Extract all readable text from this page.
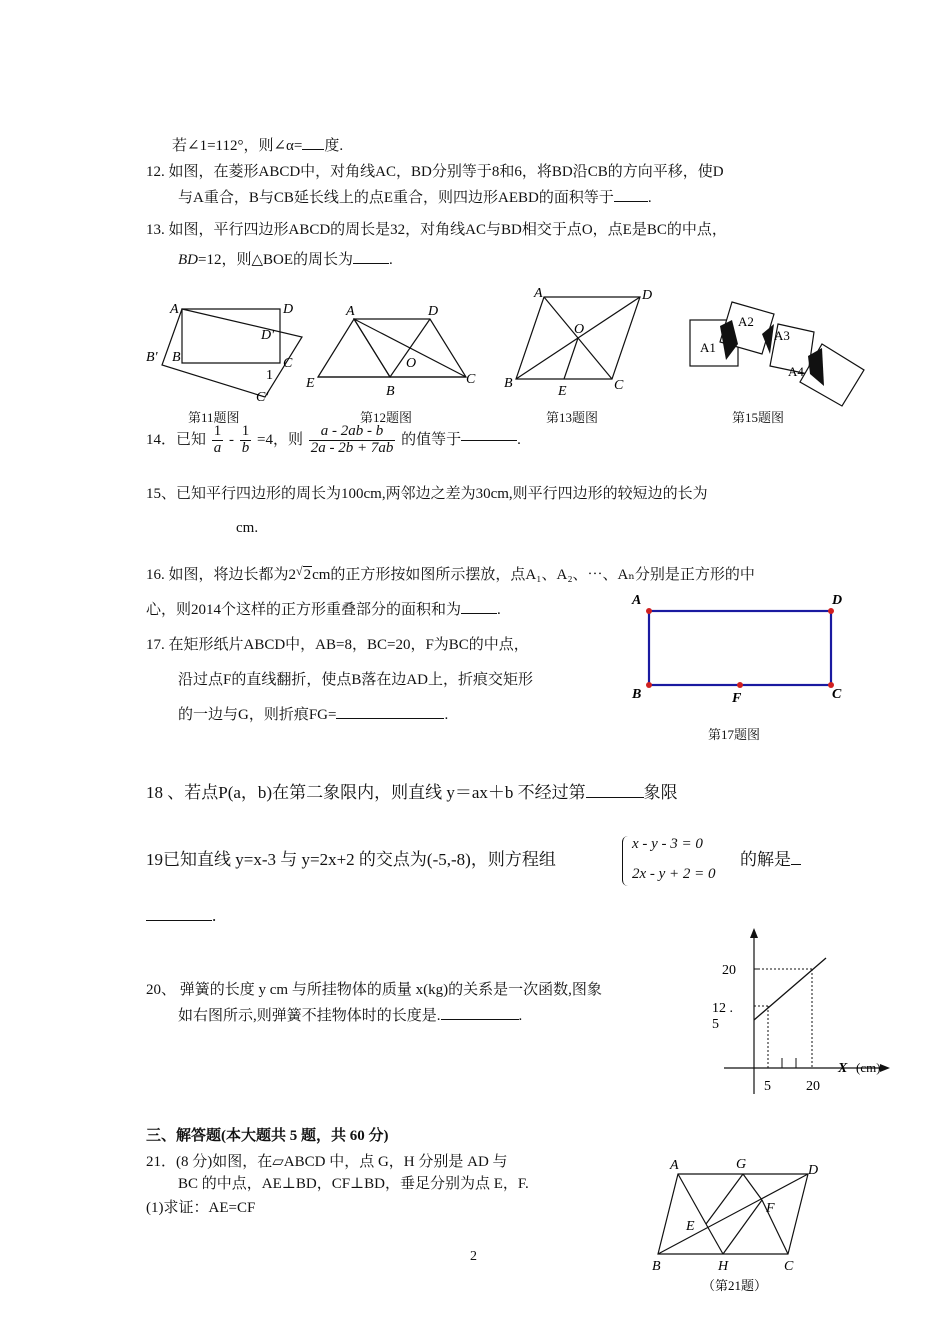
若∠1=112°，则∠α= 度.
12. 如图，在菱形ABCD中，对角线AC，BD分别等于8和6，将BD沿CB的方向平移，使D
与A重合，B与CB延长线上的点E重合，则四边形AEBD的面积等于 .
13. 如图，平行四边形ABCD的周长是32，对角线AC与BD相交于点O，点E是BC的中点，
BD=12，则△BOE的周长为 .
A	D
D'
C
B' B
1
C'
第11题图
A	D
O
E
B
C
第12题图
A	D
O
B
E	C
第13题图
A1
A2
A3
A4
第15题图
14．已知 $\frac{1}{a} - \frac{1}{b} =4$，则 $\frac{a - 2ab - b}{2a - 2b + 7ab}$ 的值等于	.
15、已知平行四边形的周长为100cm,两邻边之差为30cm,则平行四边形的较短边的长为
cm.
16. 如图，将边长都为2√2cm的正方形按如图所示摆放，点A₁、A₂、⋯、Aₙ分别是正方形的中
心，则2014个这样的正方形重叠部分的面积和为 .
17. 在矩形纸片ABCD中，AB=8，BC=20，F为BC的中点，
沿过点F的直线翻折，使点B落在边AD上，折痕交矩形
的一边与G，则折痕FG=	.
A	D
B	F	C
第17题图
18 、若点P(a，b)在第二象限内，则直线 y＝ax＋b 不经过第	象限
19已知直线 y=x-3 与 y=2x+2 的交点为(-5,-8)，则方程组
x - y - 3 = 0
2x - y + 2 = 0
的解是
.
20、 弹簧的长度 y cm 与所挂物体的质量 x(kg)的关系是一次函数,图象
如右图所示,则弹簧不挂物体时的长度是.	.
20
12 .
5
5	20
X (cm)
三、解答题(本大题共 5 题，共 60 分)
21．(8 分)如图，在▱ABCD 中，点 G，H 分别是 AD 与
BC 的中点，AE⊥BD，CF⊥BD，垂足分别为点 E，F.
(1)求证：AE=CF
A	G	D
E
F
B	H	C
（第21题）
2
